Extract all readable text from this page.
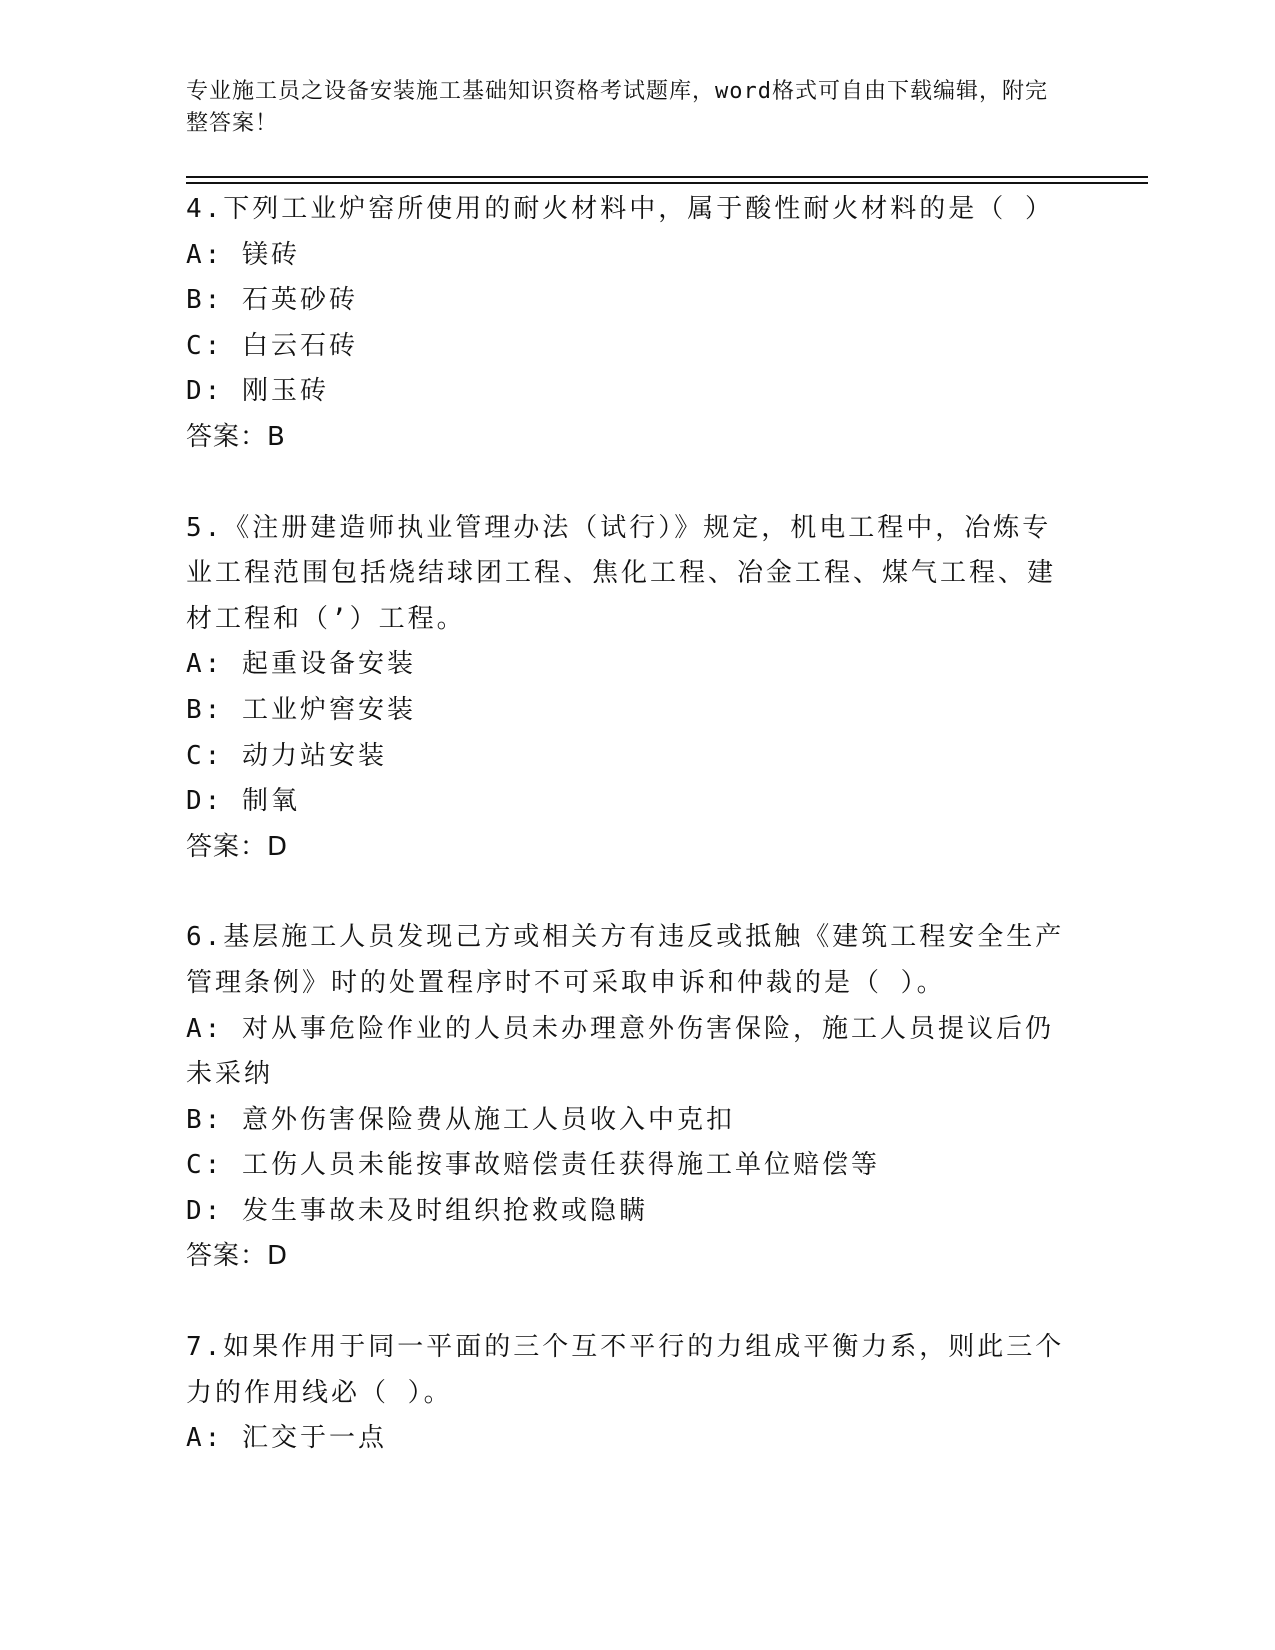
专业施工员之设备安装施工基础知识资格考试题库，word格式可自由下载编辑，附完整答案！

4.下列工业炉窑所使用的耐火材料中，属于酸性耐火材料的是（ ）

A: 镁砖

B: 石英砂砖

C: 白云石砖

D: 刚玉砖

答案：B

5.《注册建造师执业管理办法（试行）》规定，机电工程中，冶炼专业工程范围包括烧结球团工程、焦化工程、冶金工程、煤气工程、建材工程和（’）工程。

A: 起重设备安装

B: 工业炉窖安装

C: 动力站安装

D: 制氧

答案：D

6.基层施工人员发现己方或相关方有违反或抵触《建筑工程安全生产管理条例》时的处置程序时不可采取申诉和仲裁的是（ ）。

A: 对从事危险作业的人员未办理意外伤害保险，施工人员提议后仍未采纳

B: 意外伤害保险费从施工人员收入中克扣

C: 工伤人员未能按事故赔偿责任获得施工单位赔偿等

D: 发生事故未及时组织抢救或隐瞒

答案：D

7.如果作用于同一平面的三个互不平行的力组成平衡力系，则此三个力的作用线必（ ）。

A: 汇交于一点
